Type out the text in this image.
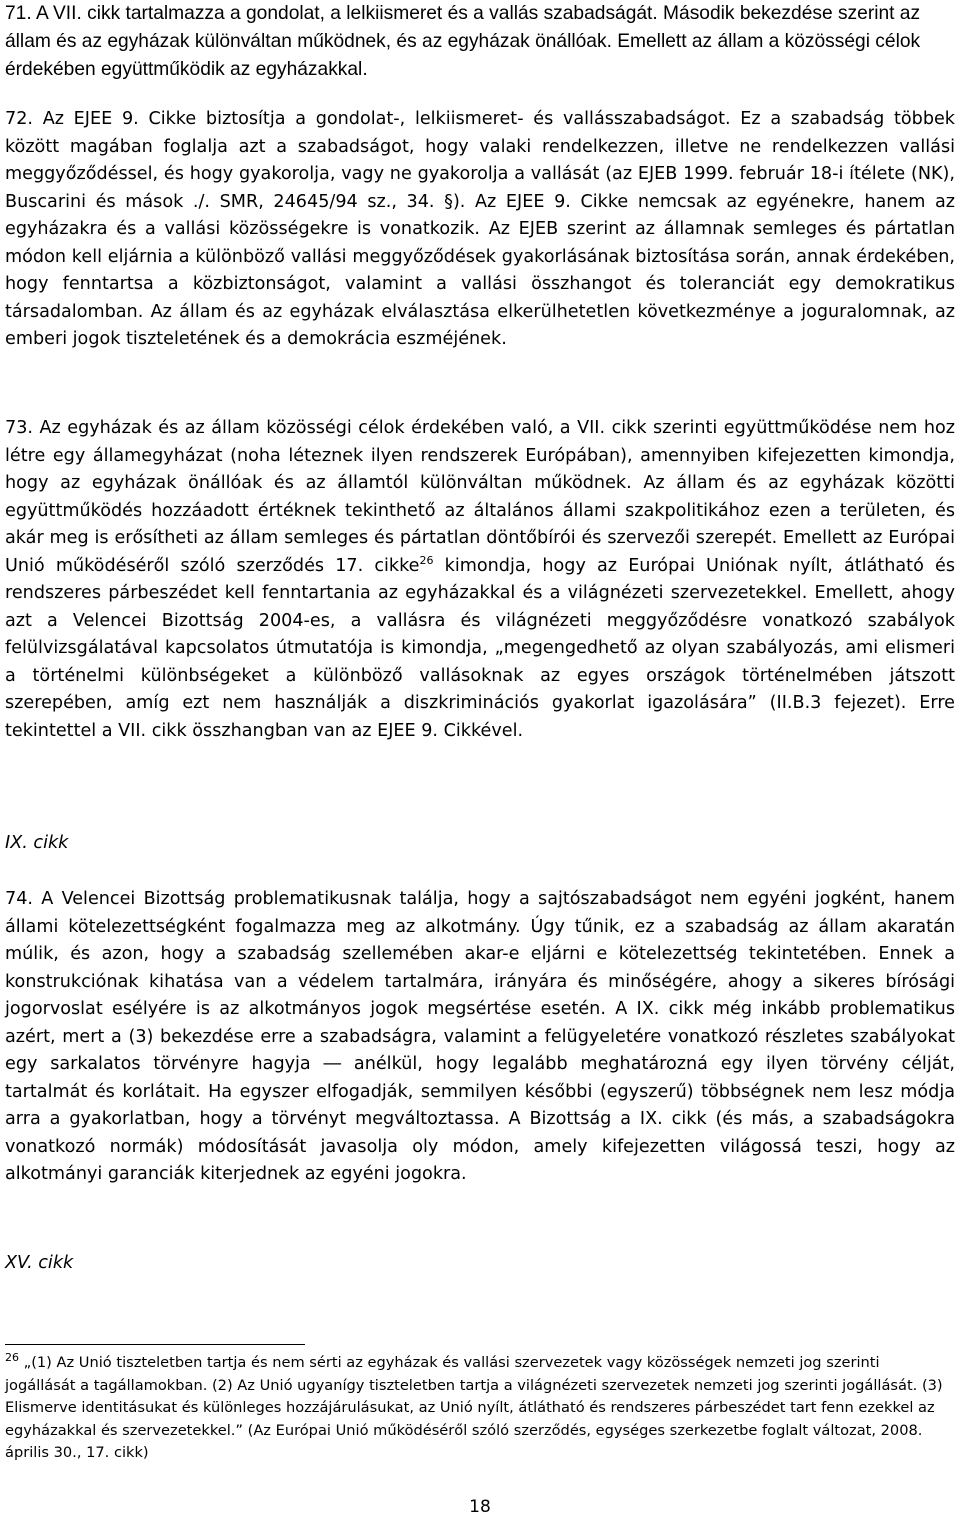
71. A VII. cikk tartalmazza a gondolat, a lelkiismeret és a vallás szabadságát. Második bekezdése szerint az állam és az egyházak különváltan működnek, és az egyházak önállóak. Emellett az állam a közösségi célok érdekében együttműködik az egyházakkal.

72. Az EJEE 9. Cikke biztosítja a gondolat-, lelkiismeret- és vallásszabadságot. Ez a szabadság többek között magában foglalja azt a szabadságot, hogy valaki rendelkezzen, illetve ne rendelkezzen vallási meggyőződéssel, és hogy gyakorolja, vagy ne gyakorolja a vallását (az EJEB 1999. február 18-i ítélete (NK), Buscarini és mások ./. SMR, 24645/94 sz., 34. §). Az EJEE 9. Cikke nemcsak az egyénekre, hanem az egyházakra és a vallási közösségekre is vonatkozik. Az EJEB szerint az államnak semleges és pártatlan módon kell eljárnia a különböző vallási meggyőződések gyakorlásának biztosítása során, annak érdekében, hogy fenntartsa a közbiztonságot, valamint a vallási összhangot és toleranciát egy demokratikus társadalomban. Az állam és az egyházak elválasztása elkerülhetetlen következménye a joguralomnak, az emberi jogok tiszteletének és a demokrácia eszméjének.

73. Az egyházak és az állam közösségi célok érdekében való, a VII. cikk szerinti együttműködése nem hoz létre egy államegyházat (noha léteznek ilyen rendszerek Európában), amennyiben kifejezetten kimondja, hogy az egyházak önállóak és az államtól különváltan működnek. Az állam és az egyházak közötti együttműködés hozzáadott értéknek tekinthető az általános állami szakpolitikához ezen a területen, és akár meg is erősítheti az állam semleges és pártatlan döntőbírói és szervezői szerepét. Emellett az Európai Unió működéséről szóló szerződés 17. cikke$^{26}$ kimondja, hogy az Európai Uniónak nyílt, átlátható és rendszeres párbeszédet kell fenntartania az egyházakkal és a világnézeti szervezetekkel. Emellett, ahogy azt a Velencei Bizottság 2004-es, a vallásra és világnézeti meggyőződésre vonatkozó szabályok felülvizsgálatával kapcsolatos útmutatója is kimondja, „megengedhető az olyan szabályozás, ami elismeri a történelmi különbségeket a különböző vallásoknak az egyes országok történelmében játszott szerepében, amíg ezt nem használják a diszkriminációs gyakorlat igazolására” (II.B.3 fejezet). Erre tekintettel a VII. cikk összhangban van az EJEE 9. Cikkével.

IX. cikk

74. A Velencei Bizottság problematikusnak találja, hogy a sajtószabadságot nem egyéni jogként, hanem állami kötelezettségként fogalmazza meg az alkotmány. Úgy tűnik, ez a szabadság az állam akaratán múlik, és azon, hogy a szabadság szellemében akar-e eljárni e kötelezettség tekintetében. Ennek a konstrukciónak kihatása van a védelem tartalmára, irányára és minőségére, ahogy a sikeres bírósági jogorvoslat esélyére is az alkotmányos jogok megsértése esetén. A IX. cikk még inkább problematikus azért, mert a (3) bekezdése erre a szabadságra, valamint a felügyeletére vonatkozó részletes szabályokat egy sarkalatos törvényre hagyja ― anélkül, hogy legalább meghatározná egy ilyen törvény célját, tartalmát és korlátait. Ha egyszer elfogadják, semmilyen későbbi (egyszerű) többségnek nem lesz módja arra a gyakorlatban, hogy a törvényt megváltoztassa. A Bizottság a IX. cikk (és más, a szabadságokra vonatkozó normák) módosítását javasolja oly módon, amely kifejezetten világossá teszi, hogy az alkotmányi garanciák kiterjednek az egyéni jogokra.

XV. cikk

$^{26}$ „(1) Az Unió tiszteletben tartja és nem sérti az egyházak és vallási szervezetek vagy közösségek nemzeti jog szerinti jogállását a tagállamokban. (2) Az Unió ugyanígy tiszteletben tartja a világnézeti szervezetek nemzeti jog szerinti jogállását. (3) Elismerve identitásukat és különleges hozzájárulásukat, az Unió nyílt, átlátható és rendszeres párbeszédet tart fenn ezekkel az egyházakkal és szervezetekkel.” (Az Európai Unió működéséről szóló szerződés, egységes szerkezetbe foglalt változat, 2008. április 30., 17. cikk)

18
